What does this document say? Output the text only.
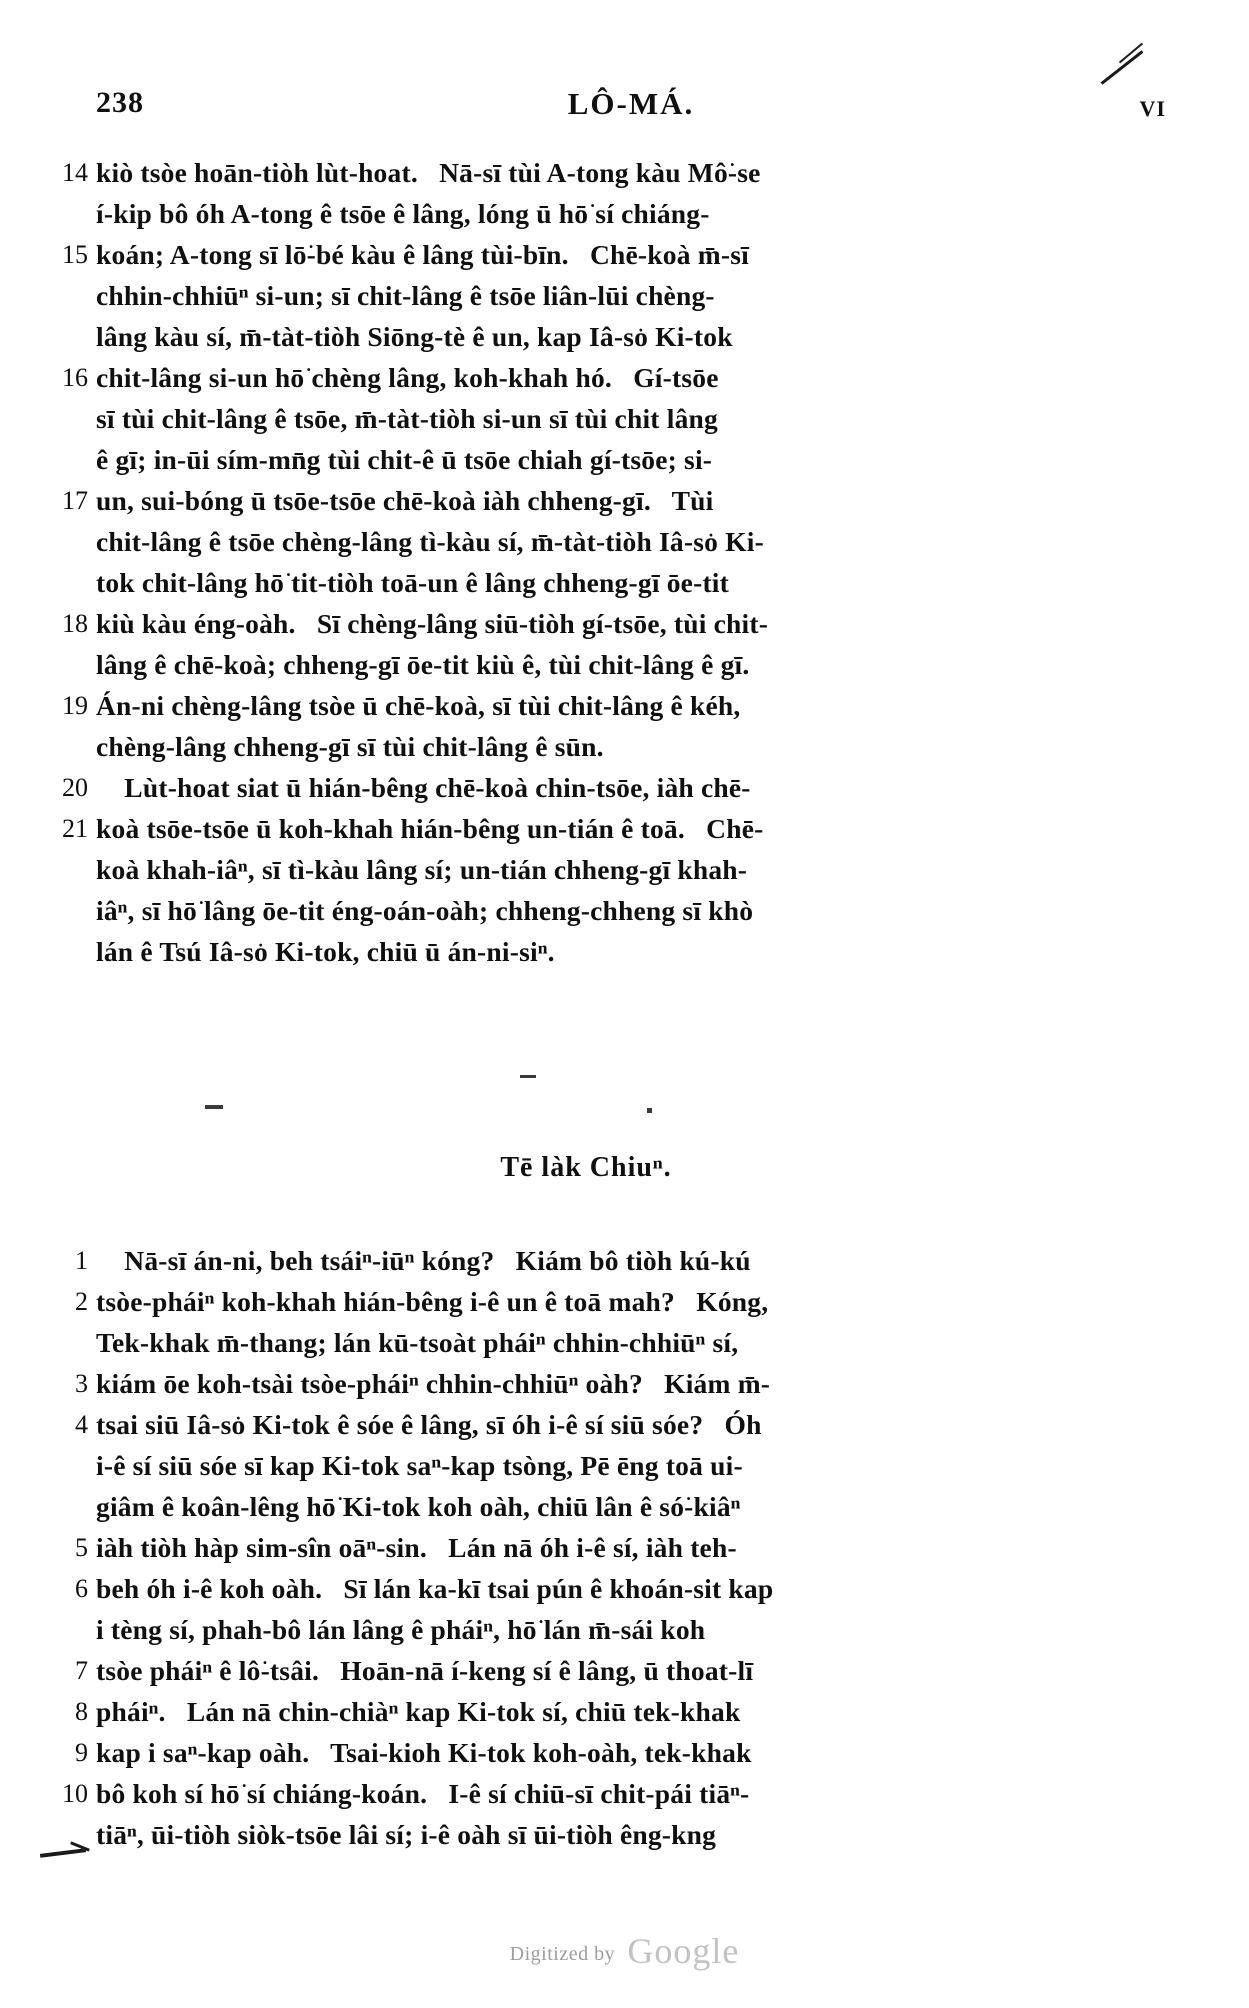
LÔ-MÁ.
238	VI
14 kiò tsòe hoān-tiòh lùt-hoat.   Nā-sī tùi A-tong kàu Mô͘-se
í-kip bô óh A-tong ê tsōe ê lâng, lóng ū hō͘ sí chiáng-
15 koán; A-tong sī lō͘-bé kàu ê lâng tùi-bīn.   Chē-koà m̄-sī
chhin-chhiūⁿ si-un; sī chit-lâng ê tsōe liân-lūi chèng-
lâng kàu sí, m̄-tàt-tiòh Siōng-tè ê un, kap Iâ-so͘ Ki-tok
16 chit-lâng si-un hō͘ chèng lâng, koh-khah hó.   Gí-tsōe
sī tùi chit-lâng ê tsōe, m̄-tàt-tiòh si-un sī tùi chit lâng
ê gī; in-ūi sím-mn̄g tùi chit-ê ū tsōe chiah gí-tsōe; si-
17 un, sui-bóng ū tsōe-tsōe chē-koà iàh chheng-gī.   Tùi
chit-lâng ê tsōe chèng-lâng tì-kàu sí, m̄-tàt-tiòh Iâ-so͘ Ki-
tok chit-lâng hō͘ tit-tiòh toā-un ê lâng chheng-gī ōe-tit
18 kiù kàu éng-oàh.   Sī chèng-lâng siū-tiòh gí-tsōe, tùi chit-
lâng ê chē-koà; chheng-gī ōe-tit kiù ê, tùi chit-lâng ê gī.
19 Án-ni chèng-lâng tsòe ū chē-koà, sī tùi chit-lâng ê kéh,
chèng-lâng chheng-gī sī tùi chit-lâng ê sūn.
20 Lùt-hoat siat ū hián-bêng chē-koà chin-tsōe, iàh chē-
21 koà tsōe-tsōe ū koh-khah hián-bêng un-tián ê toā.   Chē-
koà khah-iâⁿ, sī tì-kàu lâng sí; un-tián chheng-gī khah-
iâⁿ, sī hō͘ lâng ōe-tit éng-oán-oàh; chheng-chheng sī khò
lán ê Tsú Iâ-so͘ Ki-tok, chiū ū án-ni-siⁿ.
Tē làk Chiuⁿ.
1 Nā-sī án-ni, beh tsáiⁿ-iūⁿ kóng?   Kiám bô tiòh kú-kú
2 tsòe-pháiⁿ koh-khah hián-bêng i-ê un ê toā mah?   Kóng,
Tek-khak m̄-thang; lán kū-tsoàt pháiⁿ chhin-chhiūⁿ sí,
3 kiám ōe koh-tsài tsòe-pháiⁿ chhin-chhiūⁿ oàh?   Kiám m̄-
4 tsai siū Iâ-so͘ Ki-tok ê sóe ê lâng, sī óh i-ê sí siū sóe?   Óh
i-ê sí siū sóe sī kap Ki-tok saⁿ-kap tsòng, Pē ēng toā ui-
giâm ê koân-lêng hō͘ Ki-tok koh oàh, chiū lân ê só͘-kiâⁿ
5 iàh tiòh hàp sim-sîn oāⁿ-sin.   Lán nā óh i-ê sí, iàh teh-
6 beh óh i-ê koh oàh.   Sī lán ka-kī tsai pún ê khoán-sit kap
i tèng sí, phah-bô lán lâng ê pháiⁿ, hō͘ lán m̄-sái koh
7 tsòe pháiⁿ ê lô͘-tsâi.   Hoān-nā í-keng sí ê lâng, ū thoat-lī
8 pháiⁿ.   Lán nā chin-chiàⁿ kap Ki-tok sí, chiū tek-khak
9 kap i saⁿ-kap oàh.   Tsai-kioh Ki-tok koh-oàh, tek-khak
10 bô koh sí hō͘ sí chiáng-koán.   I-ê sí chiū-sī chit-pái tiāⁿ-
tiāⁿ, ūi-tiòh siòk-tsōe lâi sí; i-ê oàh sī ūi-tiòh êng-kng
Digitized by Google
